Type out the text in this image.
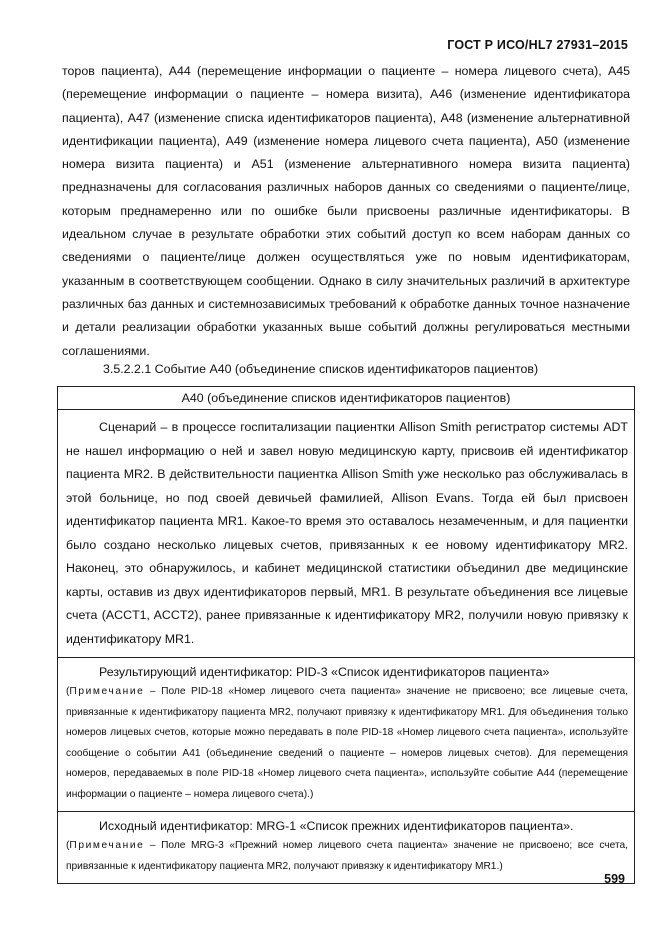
ГОСТ Р ИСО/HL7 27931–2015

торов пациента), А44 (перемещение информации о пациенте – номера лицевого счета), А45 (перемещение информации о пациенте – номера визита), А46 (изменение идентификатора пациента), А47 (изменение списка идентификаторов пациента), А48 (изменение альтернативной идентификации пациента), А49 (изменение номера лицевого счета пациента), А50 (изменение номера визита пациента) и А51 (изменение альтернативного номера визита пациента) предназначены для согласования различных наборов данных со сведениями о пациенте/лице, которым преднамеренно или по ошибке были присвоены различные идентификаторы. В идеальном случае в результате обработки этих событий доступ ко всем наборам данных со сведениями о пациенте/лице должен осуществляться уже по новым идентификаторам, указанным в соответствующем сообщении. Однако в силу значительных различий в архитектуре различных баз данных и системнозависимых требований к обработке данных точное назначение и детали реализации обработки указанных выше событий должны регулироваться местными соглашениями.

3.5.2.2.1 Событие А40 (объединение списков идентификаторов пациентов)
А40 (объединение списков идентификаторов пациентов)
Сценарий – в процессе госпитализации пациентки Allison Smith регистратор системы ADT не нашел информацию о ней и завел новую медицинскую карту, присвоив ей идентификатор пациента MR2. В действительности пациентка Allison Smith уже несколько раз обслуживалась в этой больнице, но под своей девичьей фамилией, Allison Evans. Тогда ей был присвоен идентификатор пациента MR1. Какое-то время это оставалось незамеченным, и для пациентки было создано несколько лицевых счетов, привязанных к ее новому идентификатору MR2. Наконец, это обнаружилось, и кабинет медицинской статистики объединил две медицинские карты, оставив из двух идентификаторов первый, MR1. В результате объединения все лицевые счета (ACCT1, ACCT2), ранее привязанные к идентификатору MR2, получили новую привязку к идентификатору MR1.

Результирующий идентификатор: PID-3 «Список идентификаторов пациента»
(Примечание – Поле PID-18 «Номер лицевого счета пациента» значение не присвоено; все лицевые счета, привязанные к идентификатору пациента MR2, получают привязку к идентификатору MR1. Для объединения только номеров лицевых счетов, которые можно передавать в поле PID-18 «Номер лицевого счета пациента», используйте сообщение о событии А41 (объединение сведений о пациенте – номеров лицевых счетов). Для перемещения номеров, передаваемых в поле PID-18 «Номер лицевого счета пациента», используйте событие А44 (перемещение информации о пациенте – номера лицевого счета).)

Исходный идентификатор: MRG-1 «Список прежних идентификаторов пациента».
(Примечание – Поле MRG-3 «Прежний номер лицевого счета пациента» значение не присвоено; все счета, привязанные к идентификатору пациента MR2, получают привязку к идентификатору MR1.)
599
